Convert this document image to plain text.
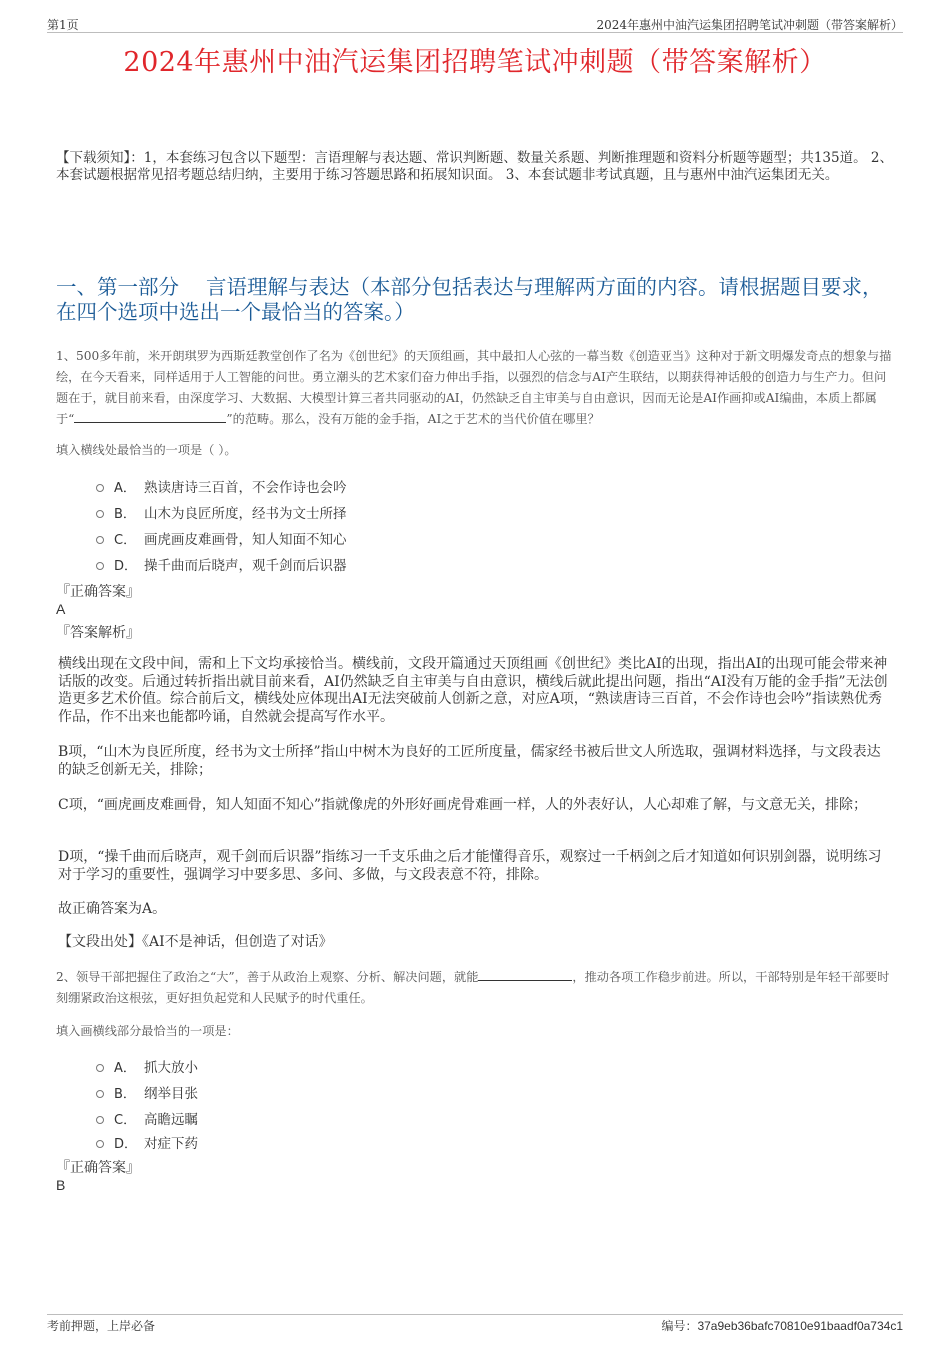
第1页	2024年惠州中油汽运集团招聘笔试冲刺题（带答案解析）
2024年惠州中油汽运集团招聘笔试冲刺题（带答案解析）
【下载须知】：1，本套练习包含以下题型：言语理解与表达题、常识判断题、数量关系题、判断推理题和资料分析题等题型；共135道。 2、本套试题根据常见招考题总结归纳，主要用于练习答题思路和拓展知识面。 3、本套试题非考试真题，且与惠州中油汽运集团无关。
一、第一部分　 言语理解与表达（本部分包括表达与理解两方面的内容。请根据题目要求，在四个选项中选出一个最恰当的答案。）
1、500多年前，米开朗琪罗为西斯廷教堂创作了名为《创世纪》的天顶组画，其中最扣人心弦的一幕当数《创造亚当》这种对于新文明爆发奇点的想象与描绘，在今天看来，同样适用于人工智能的问世。勇立潮头的艺术家们奋力伸出手指，以强烈的信念与AI产生联结，以期获得神话般的创造力与生产力。但问题在于，就目前来看，由深度学习、大数据、大模型计算三者共同驱动的AI，仍然缺乏自主审美与自由意识，因而无论是AI作画抑或AI编曲，本质上都属于“	”的范畴。那么，没有万能的金手指，AI之于艺术的当代价值在哪里？
填入横线处最恰当的一项是（ ）。
A． 熟读唐诗三百首，不会作诗也会吟
B． 山木为良匠所度，经书为文士所择
C． 画虎画皮难画骨，知人知面不知心
D． 操千曲而后晓声，观千剑而后识器
『正确答案』
A
『答案解析』
横线出现在文段中间，需和上下文均承接恰当。横线前，文段开篇通过天顶组画《创世纪》类比AI的出现，指出AI的出现可能会带来神话版的改变。后通过转折指出就目前来看，AI仍然缺乏自主审美与自由意识，横线后就此提出问题，指出“AI没有万能的金手指”无法创造更多艺术价值。综合前后文，横线处应体现出AI无法突破前人创新之意，对应A项，“熟读唐诗三百首，不会作诗也会吟”指读熟优秀作品，作不出来也能都吟诵，自然就会提高写作水平。
B项，“山木为良匠所度，经书为文士所择”指山中树木为良好的工匠所度量，儒家经书被后世文人所选取，强调材料选择，与文段表达的缺乏创新无关，排除；
C项，“画虎画皮难画骨，知人知面不知心”指就像虎的外形好画虎骨难画一样，人的外表好认，人心却难了解，与文意无关，排除；
D项，“操千曲而后晓声，观千剑而后识器”指练习一千支乐曲之后才能懂得音乐，观察过一千柄剑之后才知道如何识别剑器，说明练习对于学习的重要性，强调学习中要多思、多问、多做，与文段表意不符，排除。
故正确答案为A。
【文段出处】《AI不是神话，但创造了对话》
2、领导干部把握住了政治之“大”，善于从政治上观察、分析、解决问题，就能	，推动各项工作稳步前进。所以，干部特别是年轻干部要时刻绷紧政治这根弦，更好担负起党和人民赋予的时代重任。
填入画横线部分最恰当的一项是：
A． 抓大放小
B． 纲举目张
C． 高瞻远瞩
D． 对症下药
『正确答案』
B
考前押题，上岸必备	编号：37a9eb36bafc70810e91baadf0a734c1
